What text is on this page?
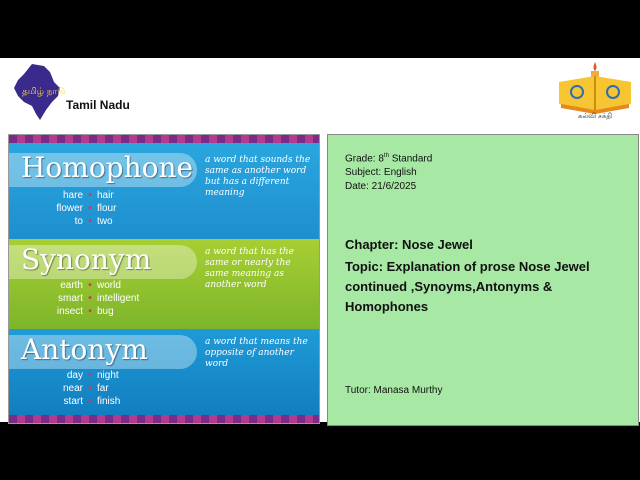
தமிழ் நாடு
Tamil Nadu
கல்வி சக்தி
Homophone a word that sounds the same as another word but has a different meaning
hare • hair
flower • flour
to • two
Synonym	a word that has the same or nearly the same meaning as another word
earth • world
smart • intelligent
insect • bug
Antonym	a word that means the opposite of another word
day • night
near • far
start • finish
Grade: 8th Standard
Subject: English
Date: 21/6/2025
Chapter: Nose Jewel
Topic: Explanation of prose Nose Jewel continued ,Synoyms,Antonyms & Homophones
Tutor: Manasa Murthy
